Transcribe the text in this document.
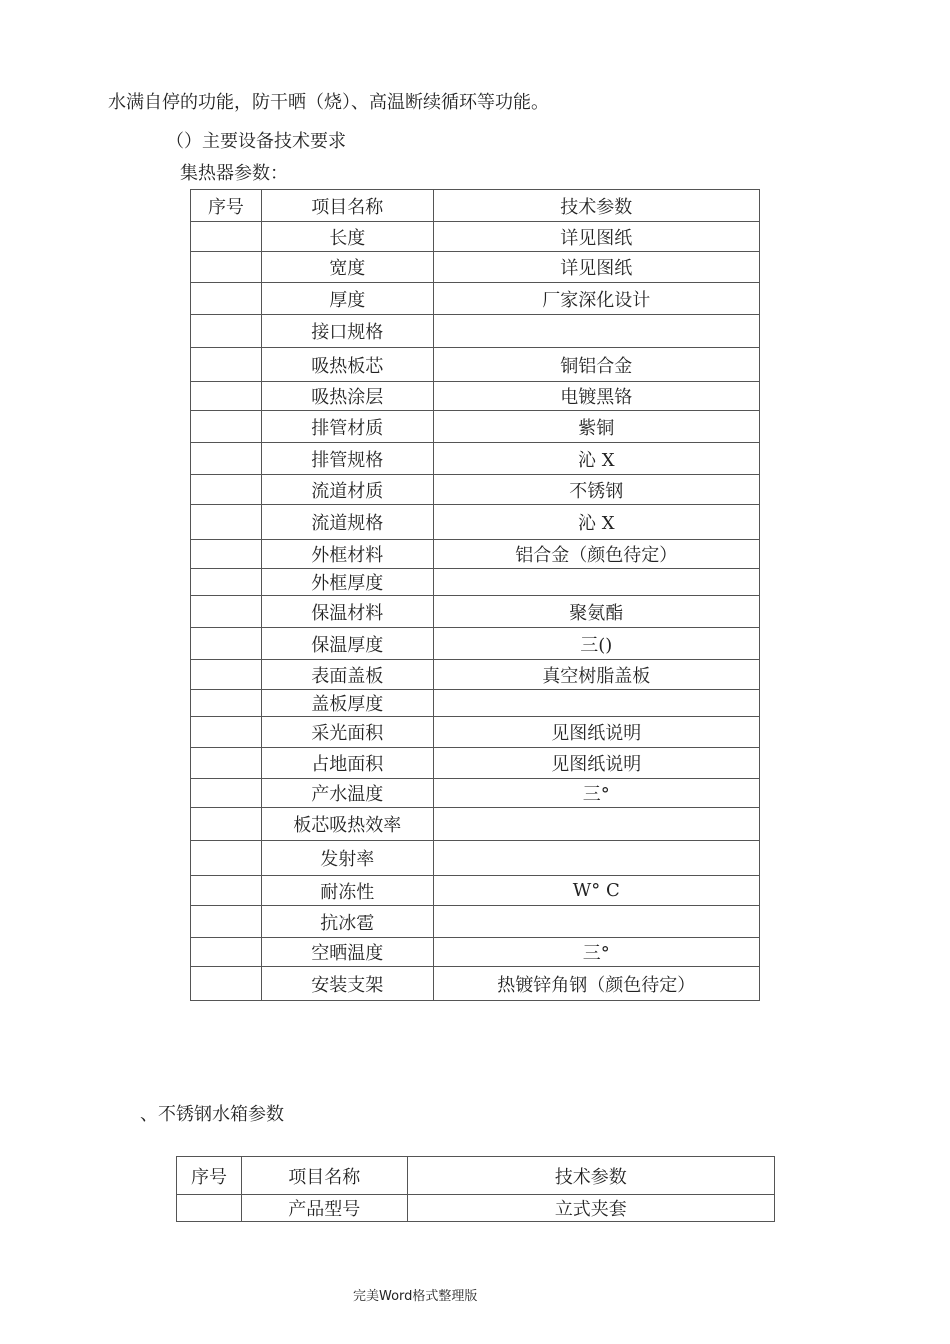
水满自停的功能，防干晒（烧）、高温断续循环等功能。
（）主要设备技术要求
集热器参数：
序号	项目名称	技术参数
	长度	详见图纸
	宽度	详见图纸
	厚度	厂家深化设计
	接口规格	
	吸热板芯	铜铝合金
	吸热涂层	电镀黑铬
	排管材质	紫铜
	排管规格	沁 X
	流道材质	不锈钢
	流道规格	沁 X
	外框材料	铝合金（颜色待定）
	外框厚度	
	保温材料	聚氨酯
	保温厚度	三()
	表面盖板	真空树脂盖板
	盖板厚度	
	采光面积	见图纸说明
	占地面积	见图纸说明
	产水温度	三°
	板芯吸热效率	
	发射率	
	耐冻性	W° C
	抗冰雹	
	空晒温度	三°
	安装支架	热镀锌角钢（颜色待定）
、不锈钢水箱参数
序号	项目名称	技术参数
	产品型号	立式夹套
完美Word格式整理版
